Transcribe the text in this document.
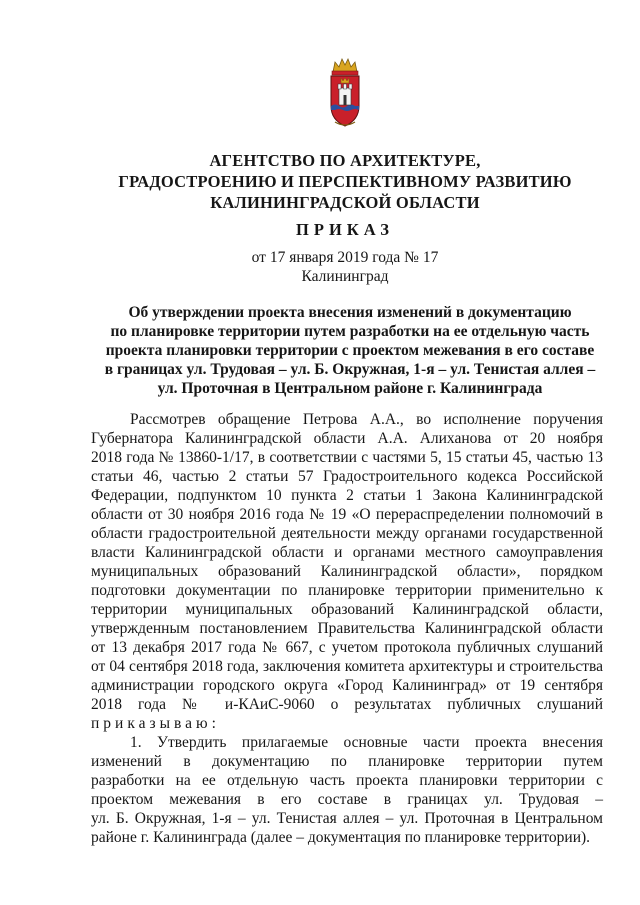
АГЕНТСТВО ПО АРХИТЕКТУРЕ,
ГРАДОСТРОЕНИЮ И ПЕРСПЕКТИВНОМУ РАЗВИТИЮ
КАЛИНИНГРАДСКОЙ ОБЛАСТИ
ПРИКАЗ
от 17 января 2019 года № 17
Калининград
Об утверждении проекта внесения изменений в документацию
по планировке территории путем разработки на ее отдельную часть
проекта планировки территории с проектом межевания в его составе
в границах ул. Трудовая – ул. Б. Окружная, 1-я – ул. Тенистая аллея –
ул. Проточная в Центральном районе г. Калининграда
Рассмотрев обращение Петрова А.А., во исполнение поручения
Губернатора Калининградской области А.А. Алиханова от 20 ноября
2018 года № 13860-1/17, в соответствии с частями 5, 15 статьи 45, частью 13
статьи 46, частью 2 статьи 57 Градостроительного кодекса Российской
Федерации, подпунктом 10 пункта 2 статьи 1 Закона Калининградской
области от 30 ноября 2016 года № 19 «О перераспределении полномочий в
области градостроительной деятельности между органами государственной
власти Калининградской области и органами местного самоуправления
муниципальных образований Калининградской области», порядком
подготовки документации по планировке территории применительно к
территории муниципальных образований Калининградской области,
утвержденным постановлением Правительства Калининградской области
от 13 декабря 2017 года № 667, с учетом протокола публичных слушаний
от 04 сентября 2018 года, заключения комитета архитектуры и строительства
администрации городского округа «Город Калининград» от 19 сентября
2018 года № и-КАиС-9060 о результатах публичных слушаний
приказываю:
1. Утвердить прилагаемые основные части проекта внесения
изменений в документацию по планировке территории путем
разработки на ее отдельную часть проекта планировки территории с
проектом межевания в его составе в границах ул. Трудовая –
ул. Б. Окружная, 1-я – ул. Тенистая аллея – ул. Проточная в Центральном
районе г. Калининграда (далее – документация по планировке территории).
